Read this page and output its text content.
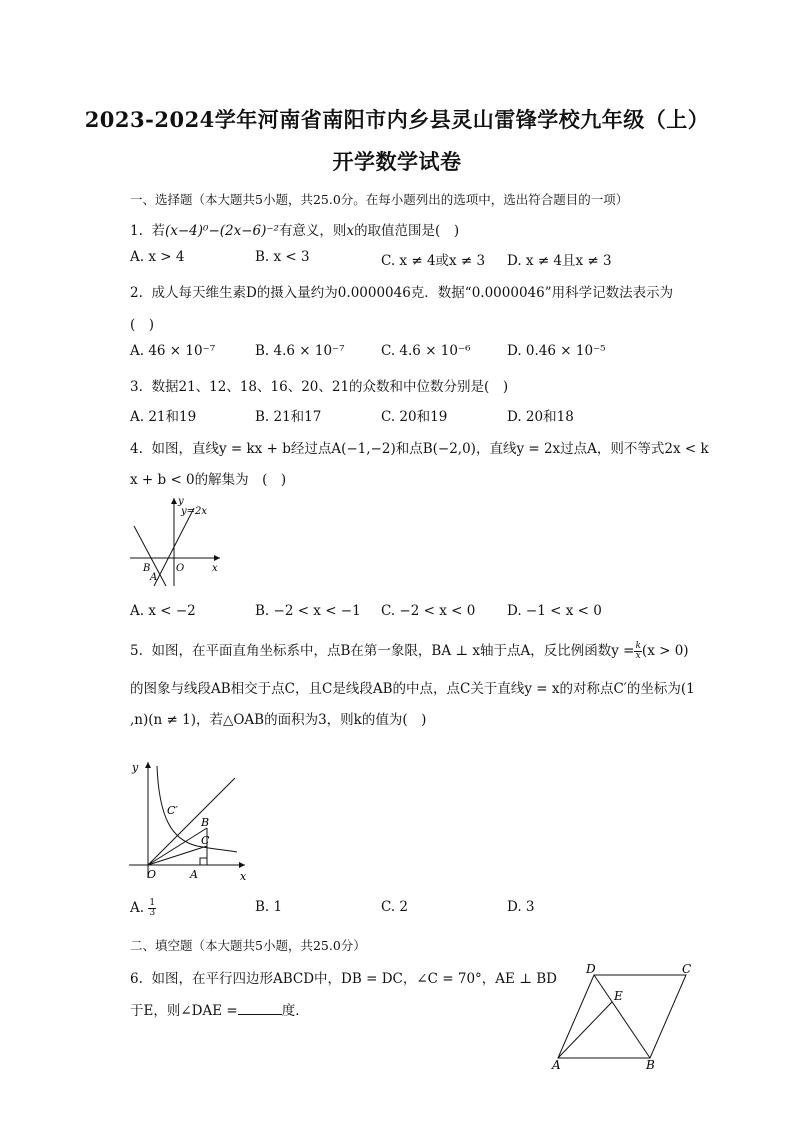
2023-2024学年河南省南阳市内乡县灵山雷锋学校九年级（上）
开学数学试卷
一、选择题（本大题共5小题，共25.0分。在每小题列出的选项中，选出符合题目的一项）
1. 若(x−4)⁰−(2x−6)⁻²有意义，则x的取值范围是(　)
A. x > 4	B. x < 3	C. x ≠ 4或x ≠ 3 D. x ≠ 4且x ≠ 3
2. 成人每天维生素D的摄入量约为0.0000046克．数据“0.0000046”用科学记数法表示为
(　)
A. 46 × 10⁻⁷	B. 4.6 × 10⁻⁷	C. 4.6 × 10⁻⁶	D. 0.46 × 10⁻⁵
3. 数据21、12、18、16、20、21的众数和中位数分别是(　)
A. 21和19	B. 21和17	C. 20和19	D. 20和18
4. 如图，直线y = kx + b经过点A(−1,−2)和点B(−2,0)，直线y = 2x过点A，则不等式2x < k
x + b < 0的解集为　(　)
y=2x
y
x
O
B
A
A. x < −2	B. −2 < x < −1 C. −2 < x < 0 D. −1 < x < 0
5. 如图，在平面直角坐标系中，点B在第一象限，BA ⊥ x轴于点A，反比例函数$y = \frac{k}{x} (x > 0)$
的图象与线段AB相交于点C，且C是线段AB的中点，点C关于直线y = x的对称点C′的坐标为(1
,n)(n ≠ 1)，若△OAB的面积为3，则k的值为(　)
y
x
O	A
B
C
C′
A. $\frac{1}{3}$	B. 1	C. 2	D. 3
二、填空题（本大题共5小题，共25.0分）
6. 如图，在平行四边形ABCD中，DB = DC，∠C = 70°，AE ⊥ BD
于E，则∠DAE =	度．
D	C
E
A	B
